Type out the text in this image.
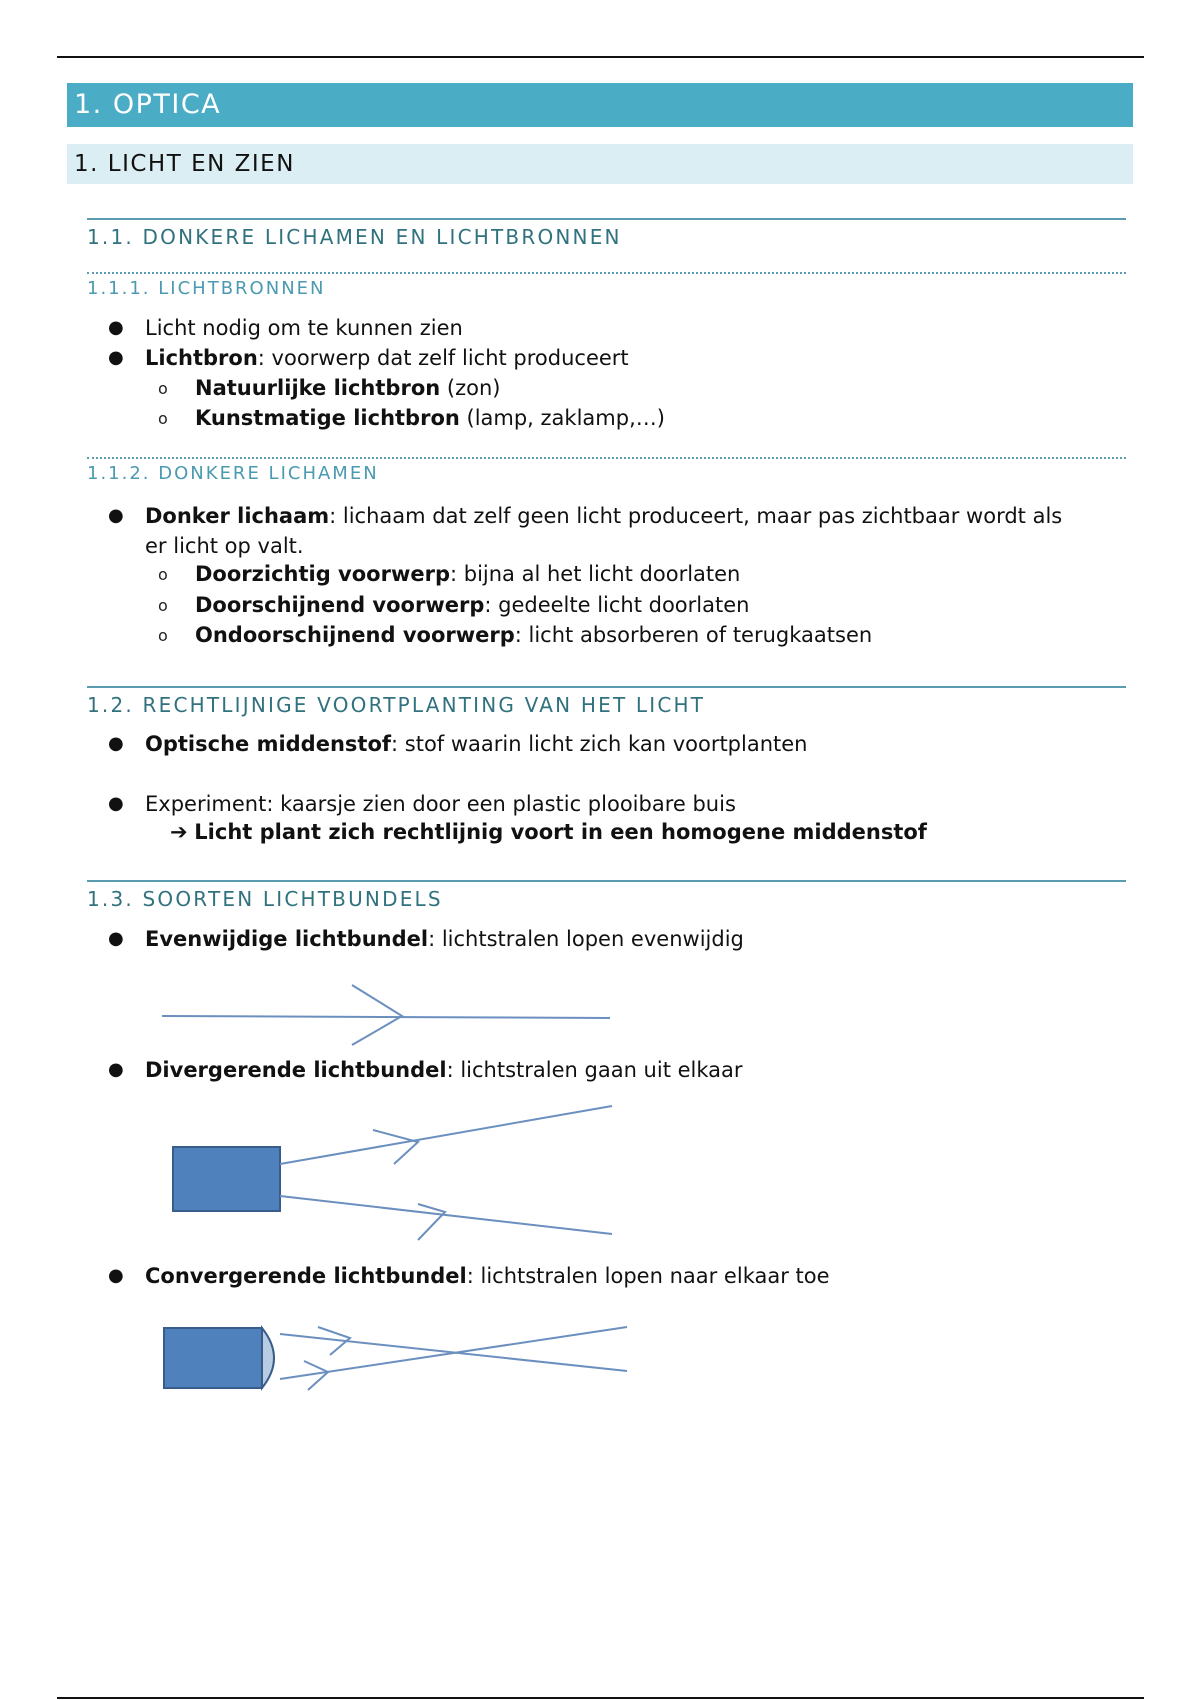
1. OPTICA
1. LICHT EN ZIEN
1.1. DONKERE LICHAMEN EN LICHTBRONNEN
1.1.1. LICHTBRONNEN
● Licht nodig om te kunnen zien
● Lichtbron: voorwerp dat zelf licht produceert
o Natuurlijke lichtbron (zon)
o Kunstmatige lichtbron (lamp, zaklamp,…)
1.1.2. DONKERE LICHAMEN
● Donker lichaam: lichaam dat zelf geen licht produceert, maar pas zichtbaar wordt als
er licht op valt.
o Doorzichtig voorwerp: bijna al het licht doorlaten
o Doorschijnend voorwerp: gedeelte licht doorlaten
o Ondoorschijnend voorwerp: licht absorberen of terugkaatsen
1.2. RECHTLIJNIGE VOORTPLANTING VAN HET LICHT
● Optische middenstof: stof waarin licht zich kan voortplanten
● Experiment: kaarsje zien door een plastic plooibare buis
➔ Licht plant zich rechtlijnig voort in een homogene middenstof
1.3. SOORTEN LICHTBUNDELS
● Evenwijdige lichtbundel: lichtstralen lopen evenwijdig
● Divergerende lichtbundel: lichtstralen gaan uit elkaar
● Convergerende lichtbundel: lichtstralen lopen naar elkaar toe
